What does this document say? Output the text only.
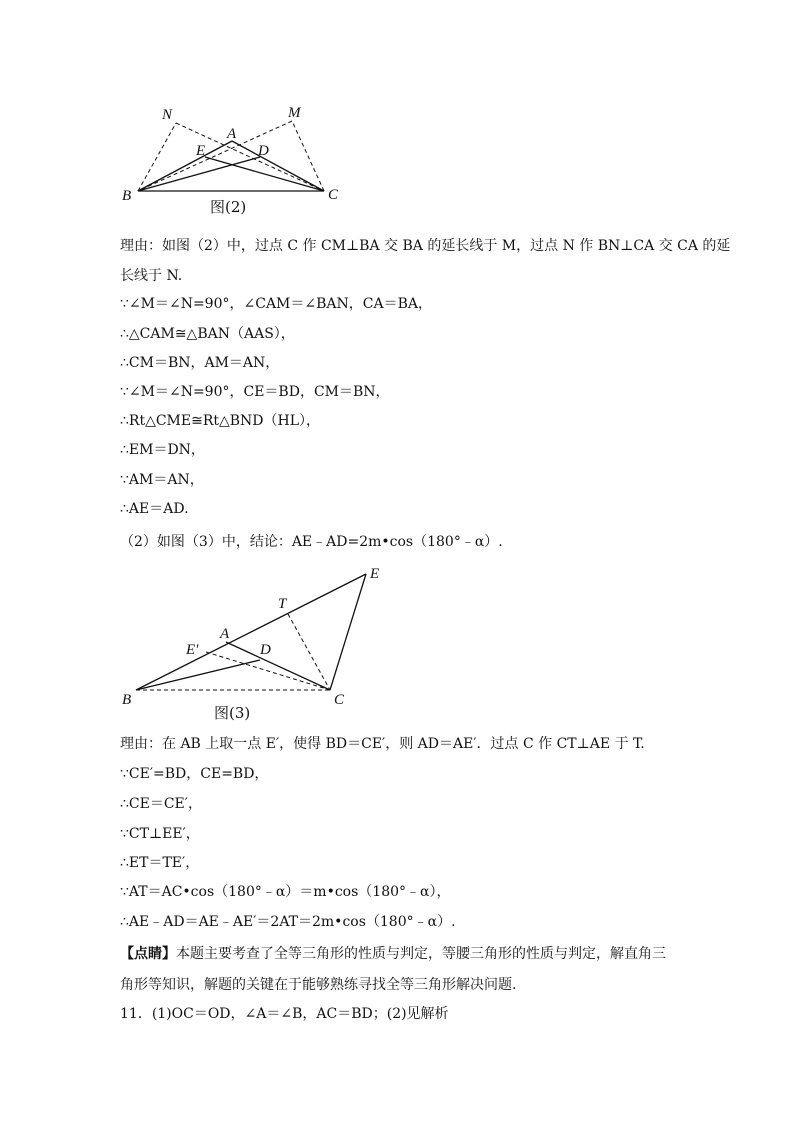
N	M
A
E	D
B	C
图(2)
理由：如图（2）中，过点 C 作 CM⊥BA 交 BA 的延长线于 M，过点 N 作 BN⊥CA 交 CA 的延
长线于 N.
∵∠M＝∠N=90°，∠CAM＝∠BAN，CA＝BA，
∴△CAM≅△BAN（AAS），
∴CM＝BN，AM＝AN，
∵∠M＝∠N=90°，CE＝BD，CM＝BN，
∴Rt△CME≅Rt△BND（HL），
∴EM＝DN，
∵AM＝AN，
∴AE＝AD.
（2）如图（3）中，结论：AE﹣AD=2m•cos（180°﹣α）.
E
T
A
E′	D
B	C
图(3)
理由：在 AB 上取一点 E′，使得 BD＝CE′，则 AD＝AE′．过点 C 作 CT⊥AE 于 T.
∵CE′=BD，CE=BD，
∴CE＝CE′，
∵CT⊥EE′，
∴ET＝TE′，
∵AT＝AC•cos（180°﹣α）＝m•cos（180°﹣α），
∴AE﹣AD＝AE﹣AE′＝2AT＝2m•cos（180°﹣α）.
【点睛】本题主要考查了全等三角形的性质与判定，等腰三角形的性质与判定，解直角三
角形等知识，解题的关键在于能够熟练寻找全等三角形解决问题.
11．(1)OC＝OD，∠A＝∠B，AC＝BD；(2)见解析
